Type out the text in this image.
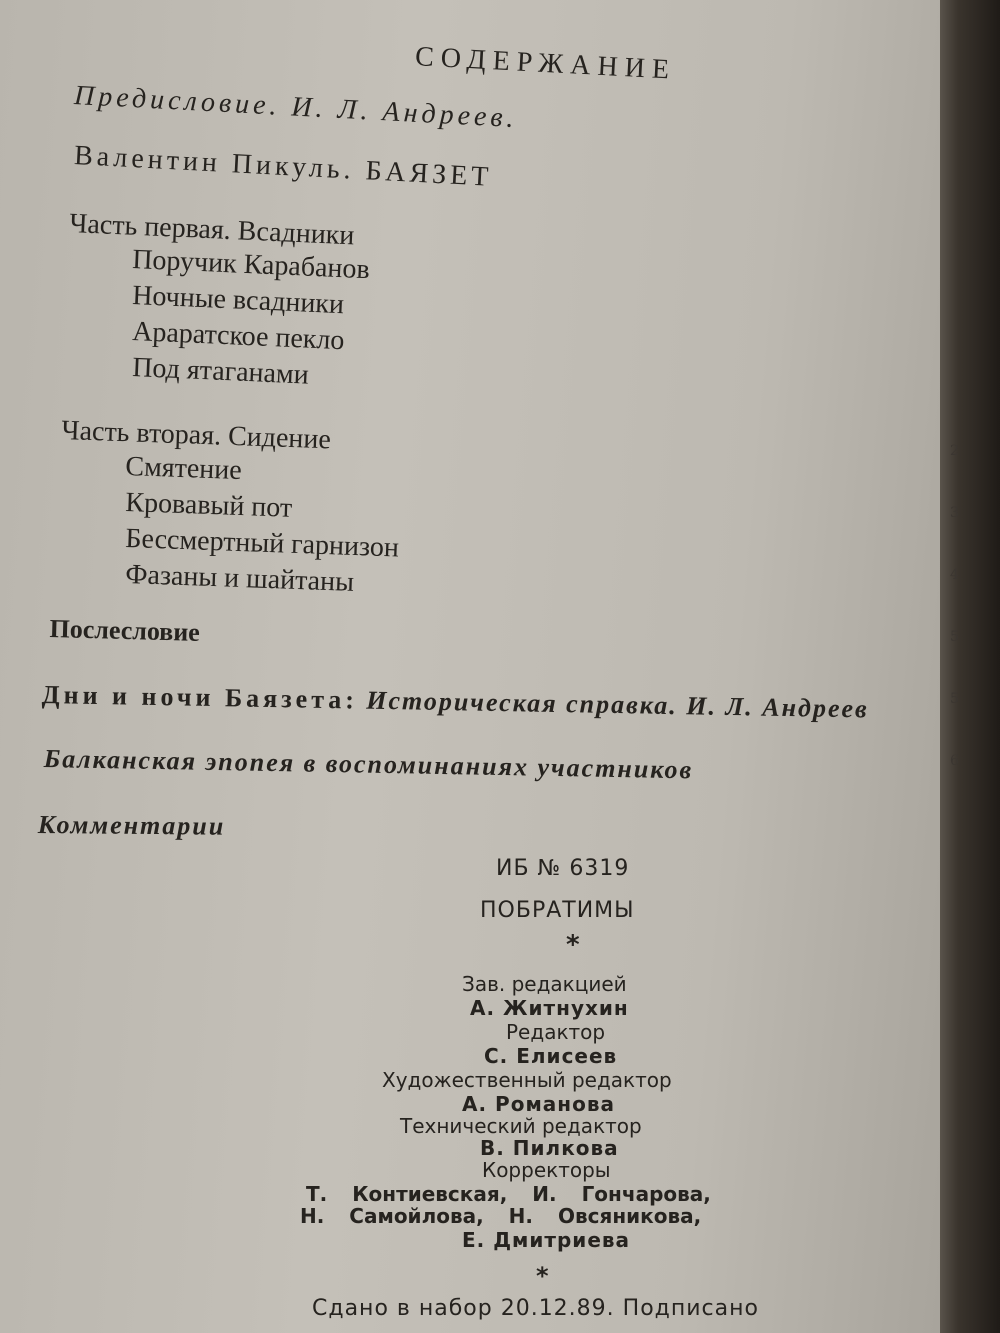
2
3
4
5
5
6
СОДЕРЖАНИЕ
Предисловие. И. Л. Андреев.
Валентин Пикуль. БАЯЗЕТ
Часть первая. Всадники
Поручик Карабанов
Ночные всадники
Араратское пекло
Под ятаганами
Часть вторая. Сидение
Смятение
Кровавый пот
Бессмертный гарнизон
Фазаны и шайтаны
Послесловие
Дни и ночи Баязета: Историческая справка. И. Л. Андреев
Балканская эпопея в воспоминаниях участников
Комментарии
ИБ № 6319
ПОБРАТИМЫ
*
Зав. редакцией
А. Житнухин
Редактор
С. Елисеев
Художественный редактор
А. Романова
Технический редактор
В. Пилкова
Корректоры
Т. Контиевская, И. Гончарова,
Н. Самойлова, Н. Овсяникова,
Е. Дмитриева
*
Сдано в набор 20.12.89. Подписано
